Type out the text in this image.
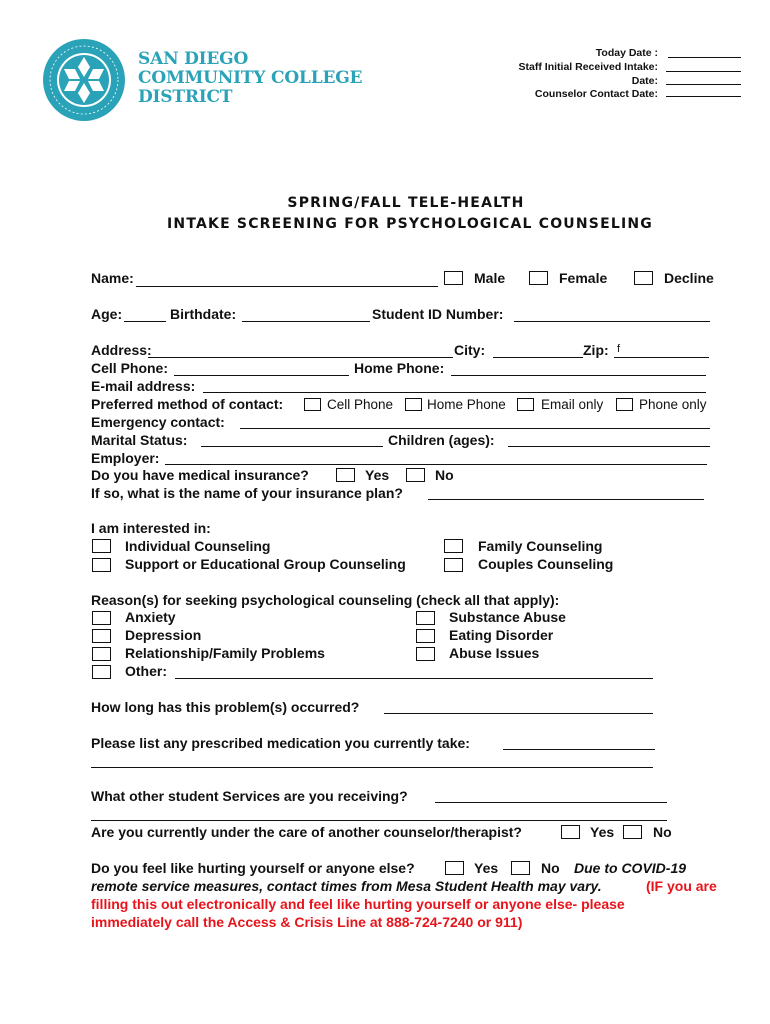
SAN DIEGO
COMMUNITY COLLEGE
DISTRICT
Today Date :
Staff Initial Received Intake:
Date:
Counselor Contact Date:
SPRING/FALL TELE-HEALTH
INTAKE SCREENING FOR PSYCHOLOGICAL COUNSELING
Name:	Male	Female	Decline
Age:	Birthdate:	Student ID Number:
Address:	City:	Zip: f
Cell Phone:	Home Phone:
E-mail address:
Preferred method of contact:	Cell Phone	Home Phone	Email only	Phone only
Emergency contact:
Marital Status:	Children (ages):
Employer:
Do you have medical insurance?	Yes	No
If so, what is the name of your insurance plan?
I am interested in:
Individual Counseling
Support or Educational Group Counseling
Family Counseling
Couples Counseling
Reason(s) for seeking psychological counseling (check all that apply):
Anxiety
Depression
Relationship/Family Problems
Other:
Substance Abuse
Eating Disorder
Abuse Issues
How long has this problem(s) occurred?
Please list any prescribed medication you currently take:
What other student Services are you receiving?
Are you currently under the care of another counselor/therapist?	Yes	No
Do you feel like hurting yourself or anyone else?	Yes	No Due to COVID-19
remote service measures, contact times from Mesa Student Health may vary.	(IF you are
filling this out electronically and feel like hurting yourself or anyone else- please
immediately call the Access & Crisis Line at 888-724-7240 or 911)
